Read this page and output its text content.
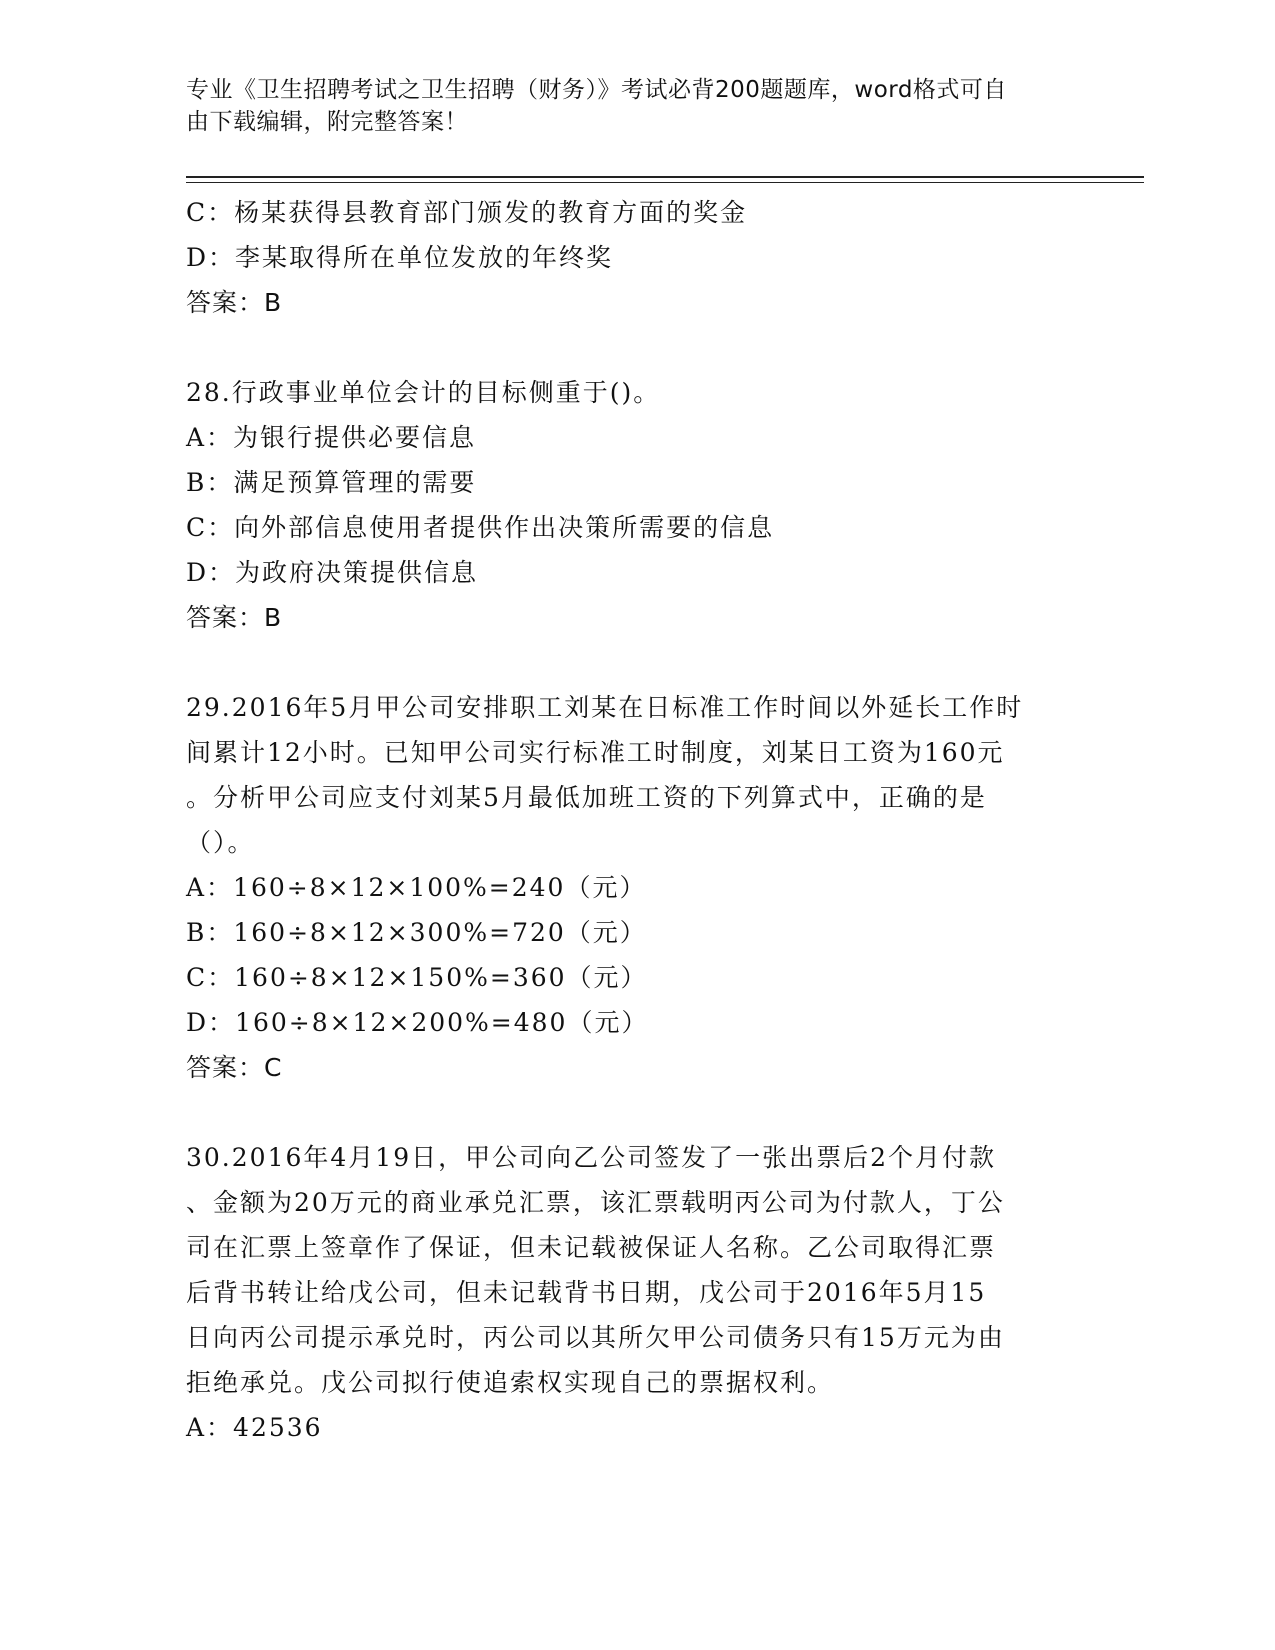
专业《卫生招聘考试之卫生招聘（财务）》考试必背200题题库，word格式可自
由下载编辑，附完整答案！
C：杨某获得县教育部门颁发的教育方面的奖金
D：李某取得所在单位发放的年终奖
答案：B
28.行政事业单位会计的目标侧重于()。
A：为银行提供必要信息
B：满足预算管理的需要
C：向外部信息使用者提供作出决策所需要的信息
D：为政府决策提供信息
答案：B
29.2016年5月甲公司安排职工刘某在日标准工作时间以外延长工作时
间累计12小时。已知甲公司实行标准工时制度，刘某日工资为160元
。分析甲公司应支付刘某5月最低加班工资的下列算式中，正确的是
（）。
A：160÷8×12×100%=240（元）
B：160÷8×12×300%=720（元）
C：160÷8×12×150%=360（元）
D：160÷8×12×200%=480（元）
答案：C
30.2016年4月19日，甲公司向乙公司签发了一张出票后2个月付款
、金额为20万元的商业承兑汇票，该汇票载明丙公司为付款人，丁公
司在汇票上签章作了保证，但未记载被保证人名称。乙公司取得汇票
后背书转让给戊公司，但未记载背书日期，戊公司于2016年5月15
日向丙公司提示承兑时，丙公司以其所欠甲公司债务只有15万元为由
拒绝承兑。戊公司拟行使追索权实现自己的票据权利。
A：42536
